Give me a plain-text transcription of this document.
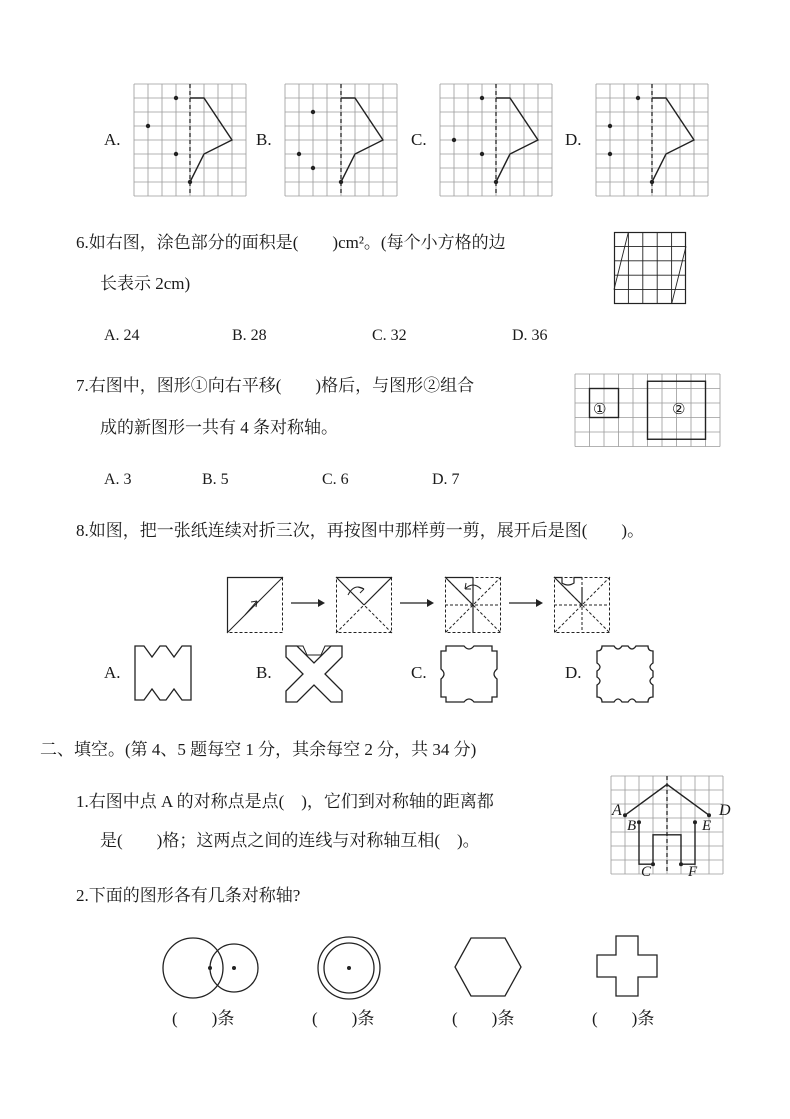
A.	B.	C.	D.
6.如右图，涂色部分的面积是(　　)cm²。(每个小方格的边
长表示 2cm)
A. 24	B. 28	C. 32	D. 36
7.右图中，图形①向右平移(　　)格后，与图形②组合
成的新图形一共有 4 条对称轴。
A. 3	B. 5	C. 6	D. 7
①	②
8.如图，把一张纸连续对折三次，再按图中那样剪一剪，展开后是图(　　)。
A.	B.	C.	D.
二、填空。(第 4、5 题每空 1 分，其余每空 2 分，共 34 分)
1.右图中点 A 的对称点是点(　)，它们到对称轴的距离都
是(　　)格；这两点之间的连线与对称轴互相(　)。
A
B
C
D
E
F
2.下面的图形各有几条对称轴?
(　　)条	(　　)条	(　　)条	(　　)条
